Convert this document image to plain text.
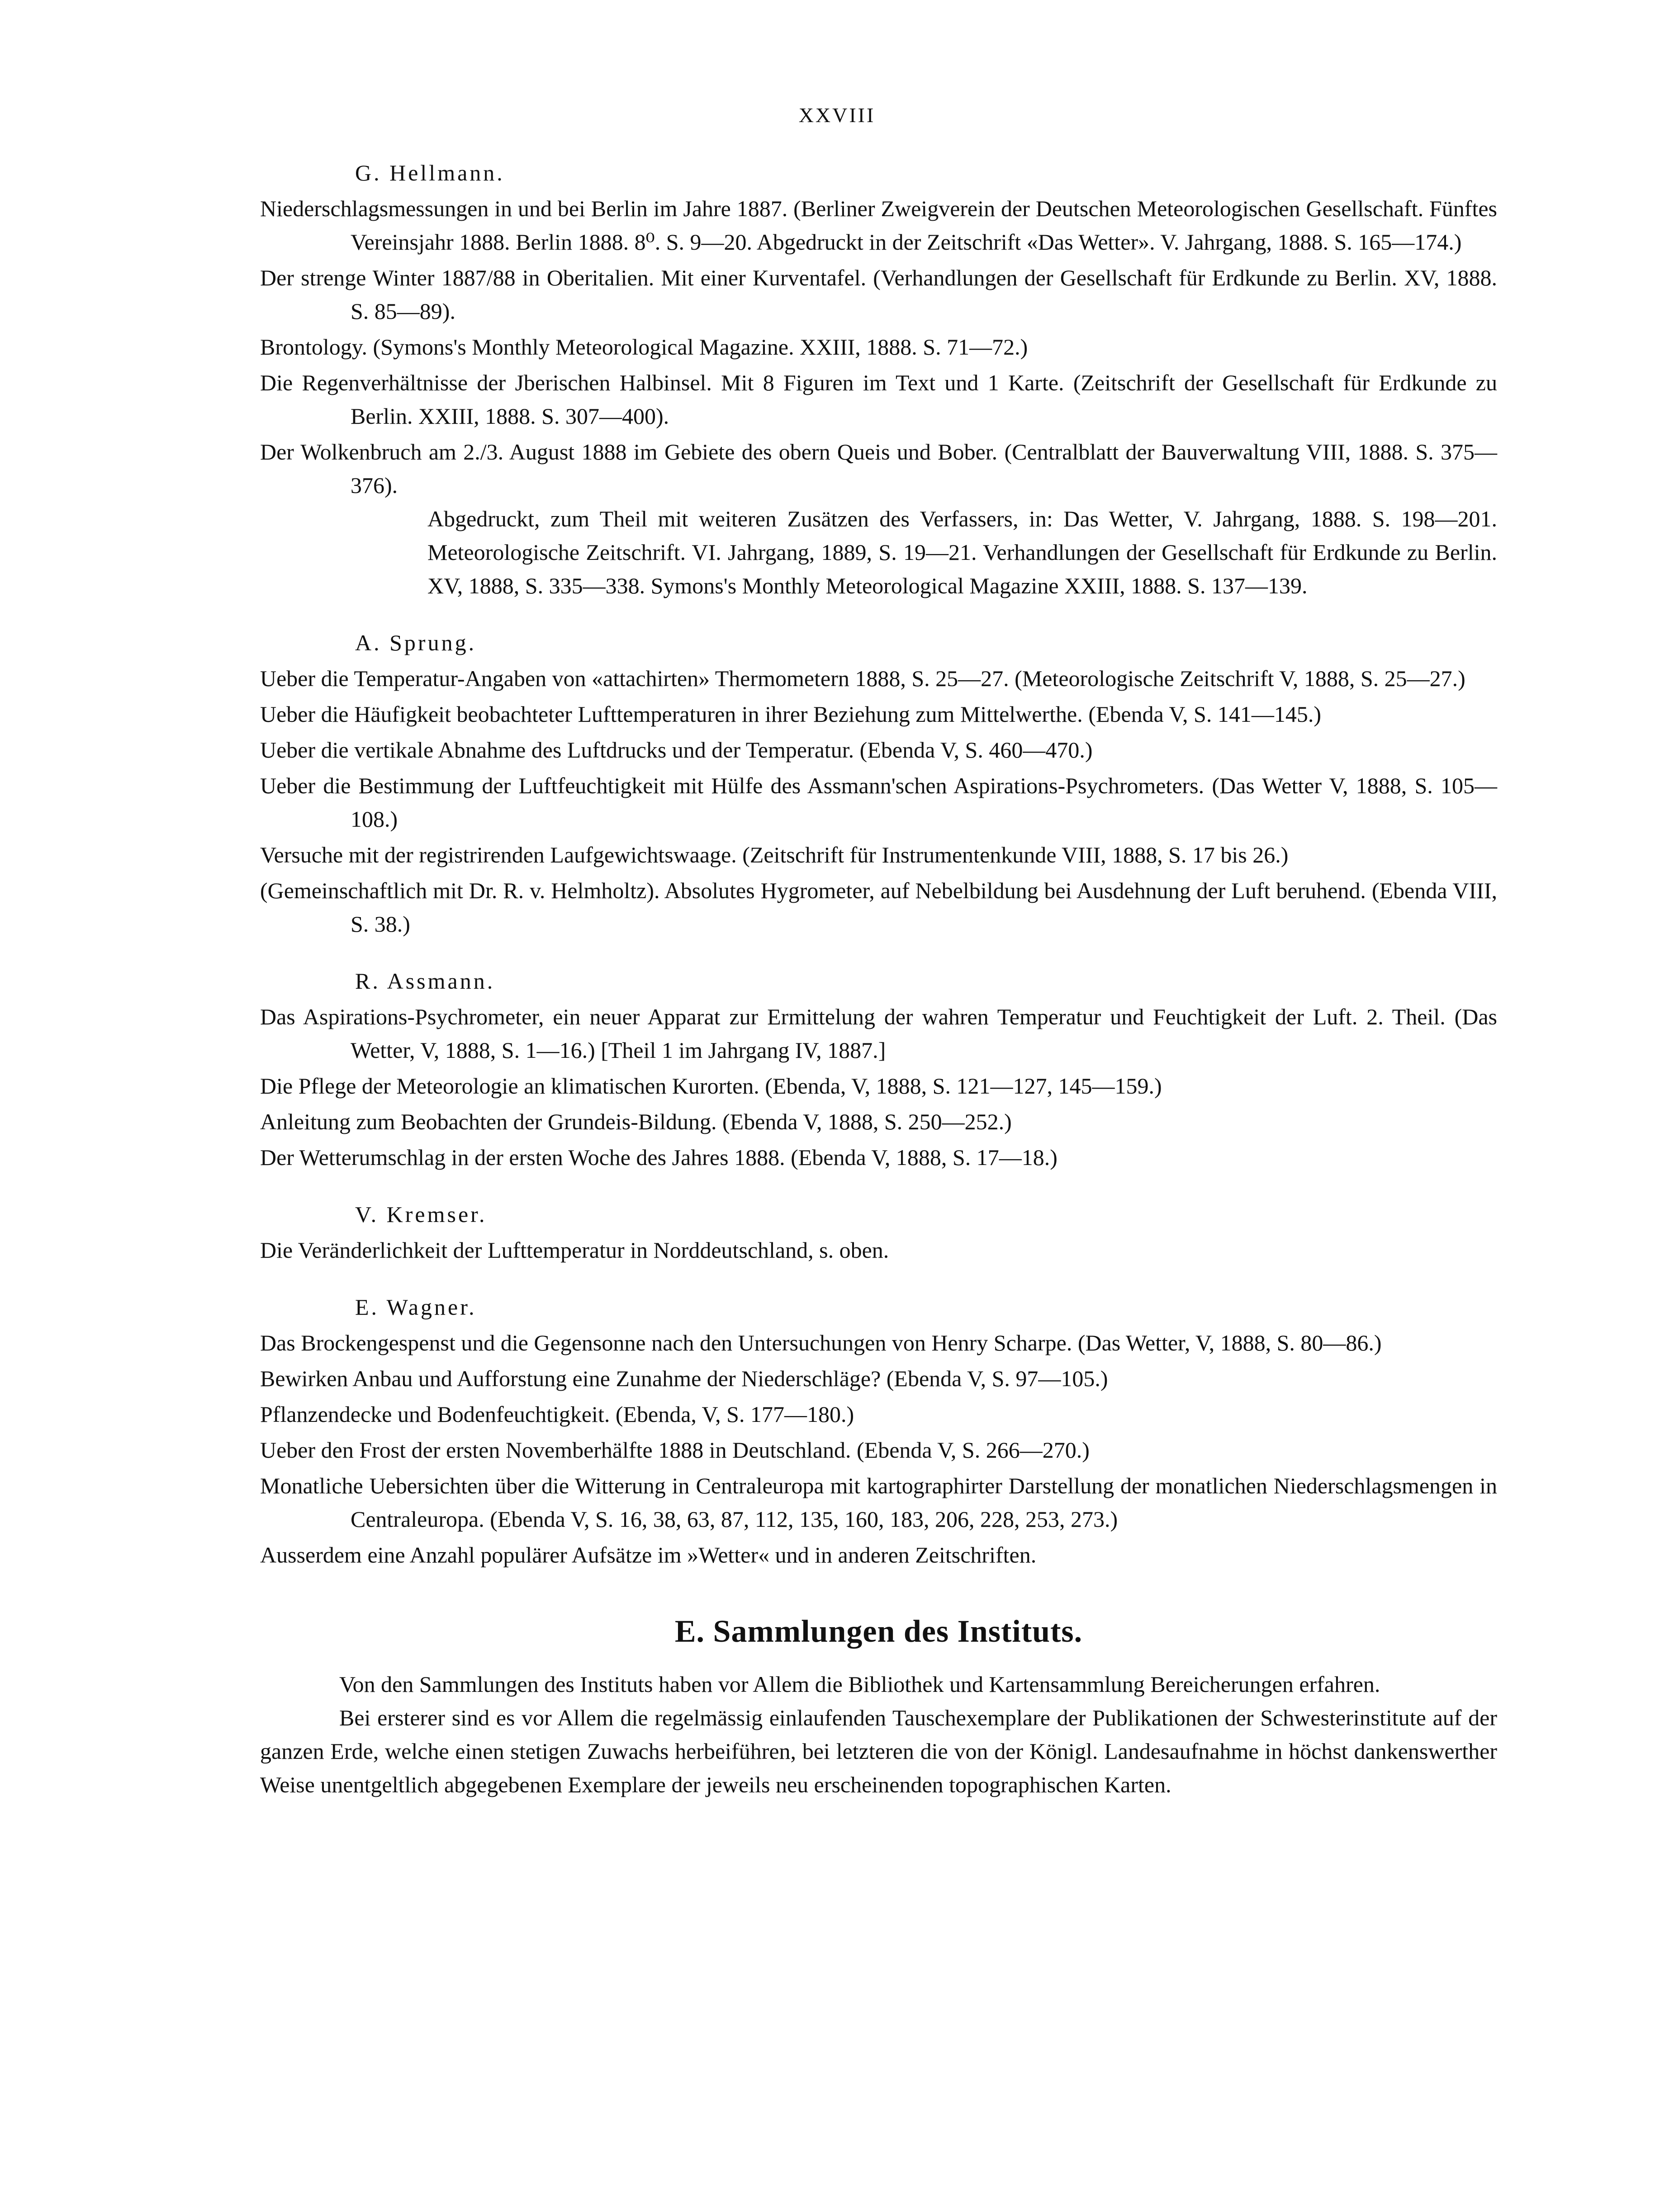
XXVIII

G. Hellmann.

Niederschlagsmessungen in und bei Berlin im Jahre 1887. (Berliner Zweigverein der Deutschen Meteorologischen Gesellschaft. Fünftes Vereinsjahr 1888. Berlin 1888. 8⁰. S. 9—20. Abgedruckt in der Zeitschrift «Das Wetter». V. Jahrgang, 1888. S. 165—174.)

Der strenge Winter 1887/88 in Oberitalien. Mit einer Kurventafel. (Verhandlungen der Gesellschaft für Erdkunde zu Berlin. XV, 1888. S. 85—89).

Brontology. (Symons's Monthly Meteorological Magazine. XXIII, 1888. S. 71—72.)

Die Regenverhältnisse der Jberischen Halbinsel. Mit 8 Figuren im Text und 1 Karte. (Zeitschrift der Gesellschaft für Erdkunde zu Berlin. XXIII, 1888. S. 307—400).

Der Wolkenbruch am 2./3. August 1888 im Gebiete des obern Queis und Bober. (Centralblatt der Bauverwaltung VIII, 1888. S. 375—376).

Abgedruckt, zum Theil mit weiteren Zusätzen des Verfassers, in: Das Wetter, V. Jahrgang, 1888. S. 198—201. Meteorologische Zeitschrift. VI. Jahrgang, 1889, S. 19—21. Verhandlungen der Gesellschaft für Erdkunde zu Berlin. XV, 1888, S. 335—338. Symons's Monthly Meteorological Magazine XXIII, 1888. S. 137—139.

A. Sprung.

Ueber die Temperatur-Angaben von «attachirten» Thermometern 1888, S. 25—27. (Meteorologische Zeitschrift V, 1888, S. 25—27.)

Ueber die Häufigkeit beobachteter Lufttemperaturen in ihrer Beziehung zum Mittelwerthe. (Ebenda V, S. 141—145.)

Ueber die vertikale Abnahme des Luftdrucks und der Temperatur. (Ebenda V, S. 460—470.)

Ueber die Bestimmung der Luftfeuchtigkeit mit Hülfe des Assmann'schen Aspirations-Psychrometers. (Das Wetter V, 1888, S. 105—108.)

Versuche mit der registrirenden Laufgewichtswaage. (Zeitschrift für Instrumentenkunde VIII, 1888, S. 17 bis 26.)

(Gemeinschaftlich mit Dr. R. v. Helmholtz). Absolutes Hygrometer, auf Nebelbildung bei Ausdehnung der Luft beruhend. (Ebenda VIII, S. 38.)

R. Assmann.

Das Aspirations-Psychrometer, ein neuer Apparat zur Ermittelung der wahren Temperatur und Feuchtigkeit der Luft. 2. Theil. (Das Wetter, V, 1888, S. 1—16.) [Theil 1 im Jahrgang IV, 1887.]

Die Pflege der Meteorologie an klimatischen Kurorten. (Ebenda, V, 1888, S. 121—127, 145—159.)

Anleitung zum Beobachten der Grundeis-Bildung. (Ebenda V, 1888, S. 250—252.)

Der Wetterumschlag in der ersten Woche des Jahres 1888. (Ebenda V, 1888, S. 17—18.)

V. Kremser.

Die Veränderlichkeit der Lufttemperatur in Norddeutschland, s. oben.

E. Wagner.

Das Brockengespenst und die Gegensonne nach den Untersuchungen von Henry Scharpe. (Das Wetter, V, 1888, S. 80—86.)

Bewirken Anbau und Aufforstung eine Zunahme der Niederschläge? (Ebenda V, S. 97—105.)

Pflanzendecke und Bodenfeuchtigkeit. (Ebenda, V, S. 177—180.)

Ueber den Frost der ersten Novemberhälfte 1888 in Deutschland. (Ebenda V, S. 266—270.)

Monatliche Uebersichten über die Witterung in Centraleuropa mit kartographirter Darstellung der monatlichen Niederschlagsmengen in Centraleuropa. (Ebenda V, S. 16, 38, 63, 87, 112, 135, 160, 183, 206, 228, 253, 273.)

Ausserdem eine Anzahl populärer Aufsätze im »Wetter« und in anderen Zeitschriften.

E. Sammlungen des Instituts.

Von den Sammlungen des Instituts haben vor Allem die Bibliothek und Kartensammlung Bereicherungen erfahren.

Bei ersterer sind es vor Allem die regelmässig einlaufenden Tauschexemplare der Publikationen der Schwesterinstitute auf der ganzen Erde, welche einen stetigen Zuwachs herbeiführen, bei letzteren die von der Königl. Landesaufnahme in höchst dankenswerther Weise unentgeltlich abgegebenen Exemplare der jeweils neu erscheinenden topographischen Karten.
